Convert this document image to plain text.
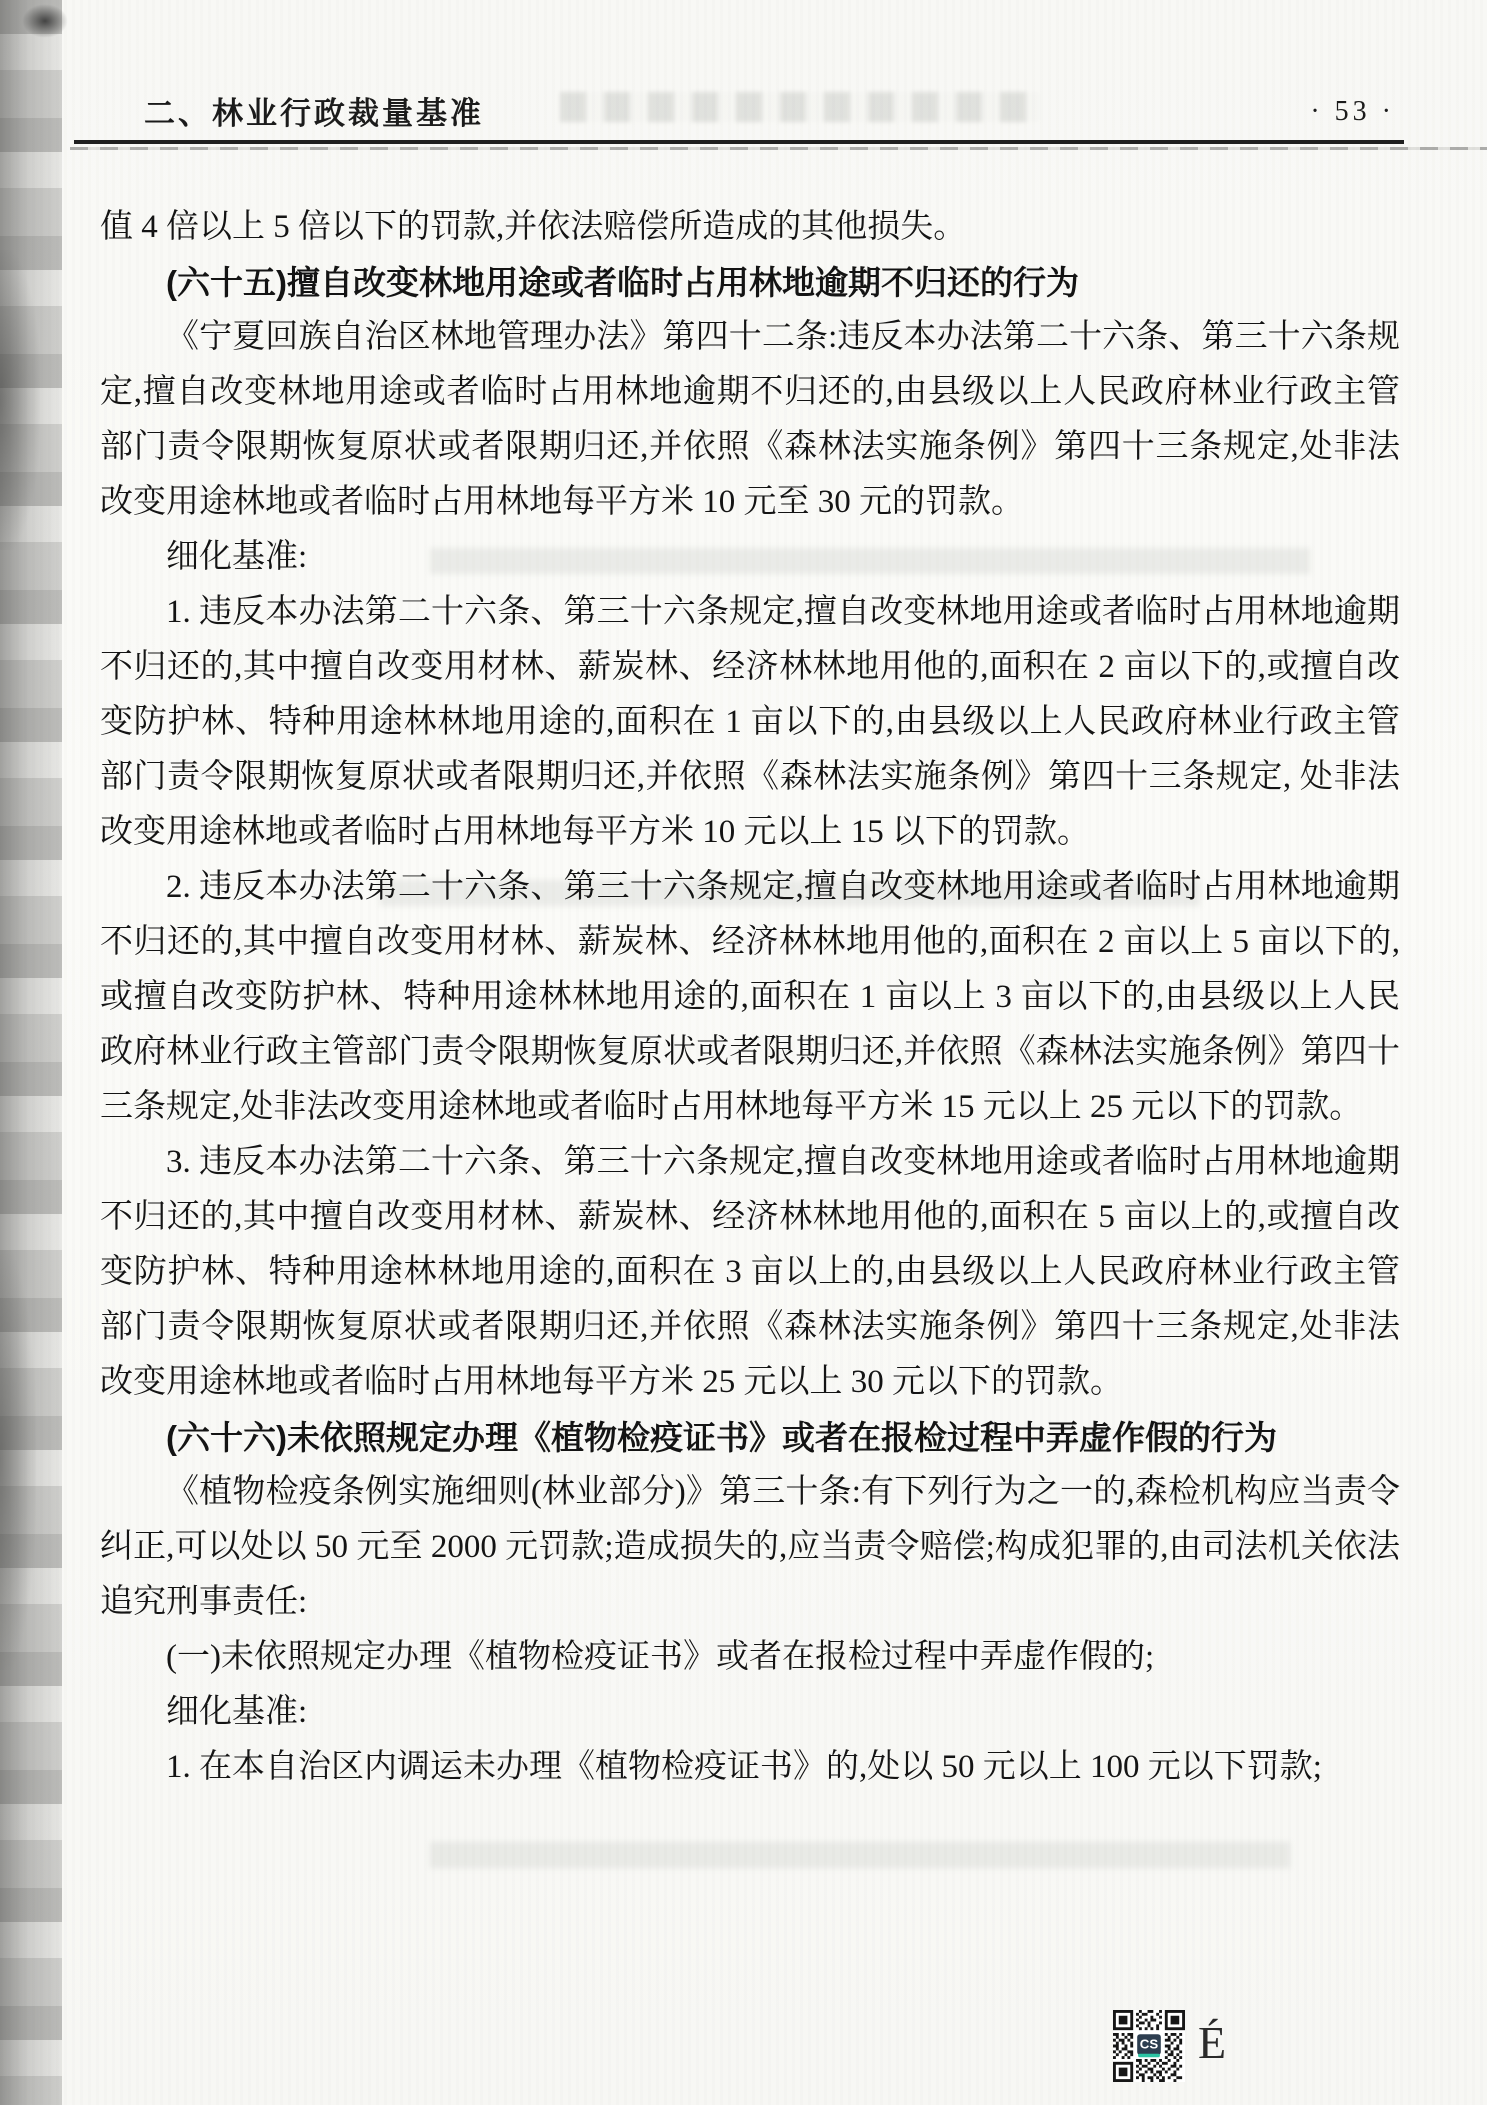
二、林业行政裁量基准	· 53 ·

值 4 倍以上 5 倍以下的罚款,并依法赔偿所造成的其他损失。

(六十五)擅自改变林地用途或者临时占用林地逾期不归还的行为

《宁夏回族自治区林地管理办法》第四十二条:违反本办法第二十六条、第三十六条规定,擅自改变林地用途或者临时占用林地逾期不归还的,由县级以上人民政府林业行政主管部门责令限期恢复原状或者限期归还,并依照《森林法实施条例》第四十三条规定,处非法改变用途林地或者临时占用林地每平方米 10 元至 30 元的罚款。

细化基准:

1. 违反本办法第二十六条、第三十六条规定,擅自改变林地用途或者临时占用林地逾期不归还的,其中擅自改变用材林、薪炭林、经济林林地用他的,面积在 2 亩以下的,或擅自改变防护林、特种用途林林地用途的,面积在 1 亩以下的,由县级以上人民政府林业行政主管部门责令限期恢复原状或者限期归还,并依照《森林法实施条例》第四十三条规定, 处非法改变用途林地或者临时占用林地每平方米 10 元以上 15 以下的罚款。

2. 违反本办法第二十六条、第三十六条规定,擅自改变林地用途或者临时占用林地逾期不归还的,其中擅自改变用材林、薪炭林、经济林林地用他的,面积在 2 亩以上 5 亩以下的,或擅自改变防护林、特种用途林林地用途的,面积在 1 亩以上 3 亩以下的,由县级以上人民政府林业行政主管部门责令限期恢复原状或者限期归还,并依照《森林法实施条例》第四十三条规定,处非法改变用途林地或者临时占用林地每平方米 15 元以上 25 元以下的罚款。

3. 违反本办法第二十六条、第三十六条规定,擅自改变林地用途或者临时占用林地逾期不归还的,其中擅自改变用材林、薪炭林、经济林林地用他的,面积在 5 亩以上的,或擅自改变防护林、特种用途林林地用途的,面积在 3 亩以上的,由县级以上人民政府林业行政主管部门责令限期恢复原状或者限期归还,并依照《森林法实施条例》第四十三条规定,处非法改变用途林地或者临时占用林地每平方米 25 元以上 30 元以下的罚款。

(六十六)未依照规定办理《植物检疫证书》或者在报检过程中弄虚作假的行为

《植物检疫条例实施细则(林业部分)》第三十条:有下列行为之一的,森检机构应当责令纠正,可以处以 50 元至 2000 元罚款;造成损失的,应当责令赔偿;构成犯罪的,由司法机关依法追究刑事责任:

(一)未依照规定办理《植物检疫证书》或者在报检过程中弄虚作假的;

细化基准:

1. 在本自治区内调运未办理《植物检疫证书》的,处以 50 元以上 100 元以下罚款;

CS É
